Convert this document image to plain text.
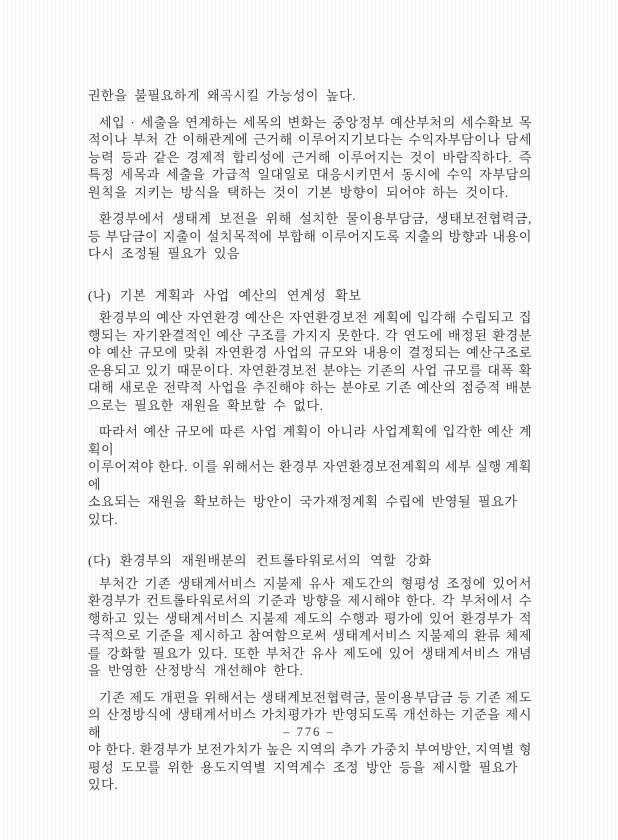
권한을 불필요하게 왜곡시킬 가능성이 높다.
세입 · 세출을 연계하는 세목의 변화는 중앙정부 예산부처의 세수확보 목
적이나 부처 간 이해관계에 근거해 이루어지기보다는 수익자부담이나 담세
능력 등과 같은 경제적 합리성에 근거해 이루어지는 것이 바람직하다. 즉
특정 세목과 세출을 가급적 일대일로 대응시키면서 동시에 수익 자부담의
원칙을 지키는 방식을 택하는 것이 기본 방향이 되어야 하는 것이다.
환경부에서 생태계 보전을 위해 설치한 물이용부담금, 생태보전협력금,
등 부담금이 지출이 설치목적에 부합해 이루어지도록 지출의 방향과 내용이
다시 조정될 필요가 있음
(나) 기본 계획과 사업 예산의 연계성 확보
환경부의 예산 자연환경 예산은 자연환경보전 계획에 입각해 수립되고 집
행되는 자기완결적인 예산 구조를 가지지 못한다. 각 연도에 배정된 환경분
야 예산 규모에 맞춰 자연환경 사업의 규모와 내용이 결정되는 예산구조로
운용되고 있기 때문이다. 자연환경보전 분야는 기존의 사업 규모를 대폭 확
대해 새로운 전략적 사업을 추진해야 하는 분야로 기존 예산의 점증적 배분
으로는 필요한 재원을 확보할 수 없다.
따라서 예산 규모에 따른 사업 계획이 아니라 사업계획에 입각한 예산 계획이
이루어져야 한다. 이를 위해서는 환경부 자연환경보전계획의 세부 실행 계획에
소요되는 재원을 확보하는 방안이 국가재정계획 수립에 반영될 필요가 있다.
(다) 환경부의 재원배분의 컨트롤타워로서의 역할 강화
부처간 기존 생태계서비스 지불제 유사 제도간의 형평성 조정에 있어서
환경부가 컨트롤타워로서의 기준과 방향을 제시해야 한다. 각 부처에서 수
행하고 있는 생태계서비스 지불제 제도의 수행과 평가에 있어 환경부가 적
극적으로 기준을 제시하고 참여함으로써 생태계서비스 지불제의 환류 체제
를 강화할 필요가 있다. 또한 부처간 유사 제도에 있어 생태계서비스 개념
을 반영한 산정방식 개선해야 한다.
기존 제도 개편을 위해서는 생태계보전협력금, 물이용부담금 등 기존 제도
의 산정방식에 생태계서비스 가치평가가 반영되도록 개선하는 기준을 제시해
야 한다. 환경부가 보전가치가 높은 지역의 추가 가중치 부여방안, 지역별 형
평성 도모를 위한 용도지역별 지역계수 조정 방안 등을 제시할 필요가 있다.
– 776 –
